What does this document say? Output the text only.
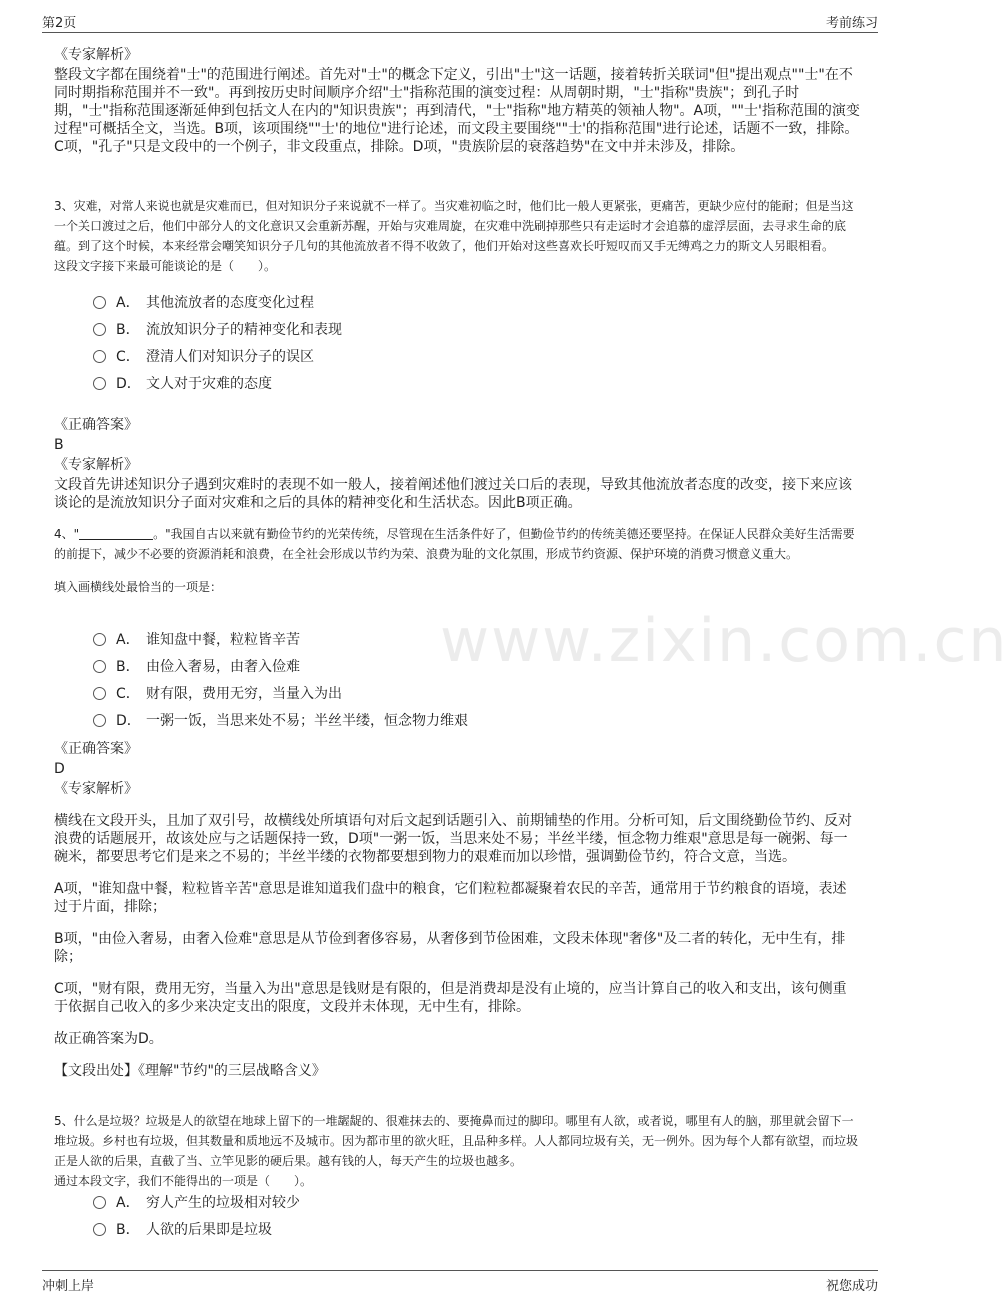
第2页	考前练习
www.zixin.com.cn
《专家解析》

整段文字都在围绕着"士"的范围进行阐述。首先对"士"的概念下定义，引出"士"这一话题，接着转折关联词"但"提出观点""士"在不同时期指称范围并不一致"。再到按历史时间顺序介绍"士"指称范围的演变过程：从周朝时期，"士"指称"贵族"；到孔子时期，"士"指称范围逐渐延伸到包括文人在内的"知识贵族"；再到清代，"士"指称"地方精英的领袖人物"。A项，""士'指称范围的演变过程"可概括全文，当选。B项，该项围绕""士'的地位"进行论述，而文段主要围绕""士'的指称范围"进行论述，话题不一致，排除。C项，"孔子"只是文段中的一个例子，非文段重点，排除。D项，"贵族阶层的衰落趋势"在文中并未涉及，排除。

3、灾难，对常人来说也就是灾难而已，但对知识分子来说就不一样了。当灾难初临之时，他们比一般人更紧张，更痛苦，更缺少应付的能耐；但是当这一个关口渡过之后，他们中部分人的文化意识又会重新苏醒，开始与灾难周旋，在灾难中洗刷掉那些只有走运时才会追慕的虚浮层面，去寻求生命的底蕴。到了这个时候，本来经常会嘲笑知识分子几句的其他流放者不得不收敛了，他们开始对这些喜欢长吁短叹而又手无缚鸡之力的斯文人另眼相看。

这段文字接下来最可能谈论的是（　　）。

A． 其他流放者的态度变化过程
B． 流放知识分子的精神变化和表现
C． 澄清人们对知识分子的误区
D． 文人对于灾难的态度
《正确答案》
B
《专家解析》

文段首先讲述知识分子遇到灾难时的表现不如一般人，接着阐述他们渡过关口后的表现，导致其他流放者态度的改变，接下来应该谈论的是流放知识分子面对灾难和之后的具体的精神变化和生活状态。因此B项正确。

4、"	。"我国自古以来就有勤俭节约的光荣传统，尽管现在生活条件好了，但勤俭节约的传统美德还要坚持。在保证人民群众美好生活需要的前提下，减少不必要的资源消耗和浪费，在全社会形成以节约为荣、浪费为耻的文化氛围，形成节约资源、保护环境的消费习惯意义重大。

填入画横线处最恰当的一项是：

A． 谁知盘中餐，粒粒皆辛苦
B． 由俭入奢易，由奢入俭难
C． 财有限，费用无穷，当量入为出
D． 一粥一饭，当思来处不易；半丝半缕，恒念物力维艰
《正确答案》
D
《专家解析》

横线在文段开头，且加了双引号，故横线处所填语句对后文起到话题引入、前期铺垫的作用。分析可知，后文围绕勤俭节约、反对浪费的话题展开，故该处应与之话题保持一致，D项"一粥一饭，当思来处不易；半丝半缕，恒念物力维艰"意思是每一碗粥、每一碗米，都要思考它们是来之不易的；半丝半缕的衣物都要想到物力的艰难而加以珍惜，强调勤俭节约，符合文意，当选。

A项，"谁知盘中餐，粒粒皆辛苦"意思是谁知道我们盘中的粮食，它们粒粒都凝聚着农民的辛苦，通常用于节约粮食的语境，表述过于片面，排除；

B项，"由俭入奢易，由奢入俭难"意思是从节俭到奢侈容易，从奢侈到节俭困难，文段未体现"奢侈"及二者的转化，无中生有，排除；

C项，"财有限，费用无穷，当量入为出"意思是钱财是有限的，但是消费却是没有止境的，应当计算自己的收入和支出，该句侧重于依据自己收入的多少来决定支出的限度，文段并未体现，无中生有，排除。

故正确答案为D。

【文段出处】《理解"节约"的三层战略含义》

5、什么是垃圾？垃圾是人的欲望在地球上留下的一堆龌龊的、很难抹去的、要掩鼻而过的脚印。哪里有人欲，或者说，哪里有人的脑，那里就会留下一堆垃圾。乡村也有垃圾，但其数量和质地远不及城市。因为都市里的欲火旺，且品种多样。人人都同垃圾有关，无一例外。因为每个人都有欲望，而垃圾正是人欲的后果，直截了当、立竿见影的硬后果。越有钱的人，每天产生的垃圾也越多。

通过本段文字，我们不能得出的一项是（　　）。

A． 穷人产生的垃圾相对较少
B． 人欲的后果即是垃圾
冲刺上岸	祝您成功
